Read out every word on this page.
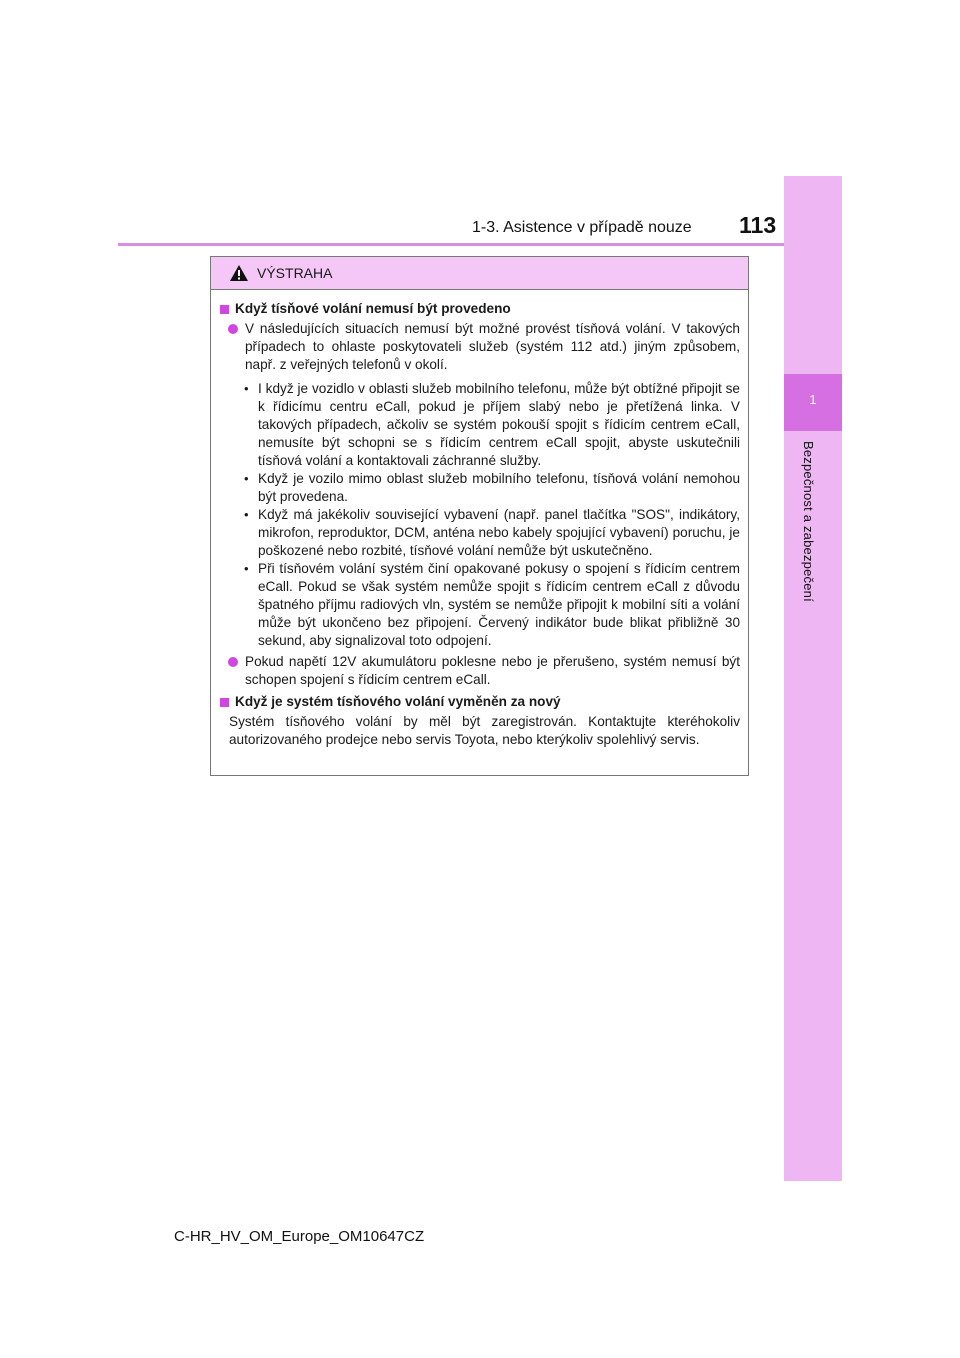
1
Bezpečnost a zabezpečení
1-3. Asistence v případě nouze 113
VÝSTRAHA
Když tísňové volání nemusí být provedeno
V následujících situacích nemusí být možné provést tísňová volání. V takových případech to ohlaste poskytovateli služeb (systém 112 atd.) jiným způsobem, např. z veřejných telefonů v okolí.
• I když je vozidlo v oblasti služeb mobilního telefonu, může být obtížné připojit se k řídicímu centru eCall, pokud je příjem slabý nebo je přetížená linka. V takových případech, ačkoliv se systém pokouší spojit s řídicím centrem eCall, nemusíte být schopni se s řídicím centrem eCall spojit, abyste uskutečnili tísňová volání a kontaktovali záchranné služby.
• Když je vozilo mimo oblast služeb mobilního telefonu, tísňová volání nemohou být provedena.
• Když má jakékoliv související vybavení (např. panel tlačítka "SOS", indikátory, mikrofon, reproduktor, DCM, anténa nebo kabely spojující vybavení) poruchu, je poškozené nebo rozbité, tísňové volání nemůže být uskutečněno.
• Při tísňovém volání systém činí opakované pokusy o spojení s řídicím centrem eCall. Pokud se však systém nemůže spojit s řídicím centrem eCall z důvodu špatného příjmu radiových vln, systém se nemůže připojit k mobilní síti a volání může být ukončeno bez připojení. Červený indikátor bude blikat přibližně 30 sekund, aby signalizoval toto odpojení.
Pokud napětí 12V akumulátoru poklesne nebo je přerušeno, systém nemusí být schopen spojení s řídicím centrem eCall.
Když je systém tísňového volání vyměněn za nový
Systém tísňového volání by měl být zaregistrován. Kontaktujte kteréhokoliv autorizovaného prodejce nebo servis Toyota, nebo kterýkoliv spolehlivý servis.
C-HR_HV_OM_Europe_OM10647CZ
